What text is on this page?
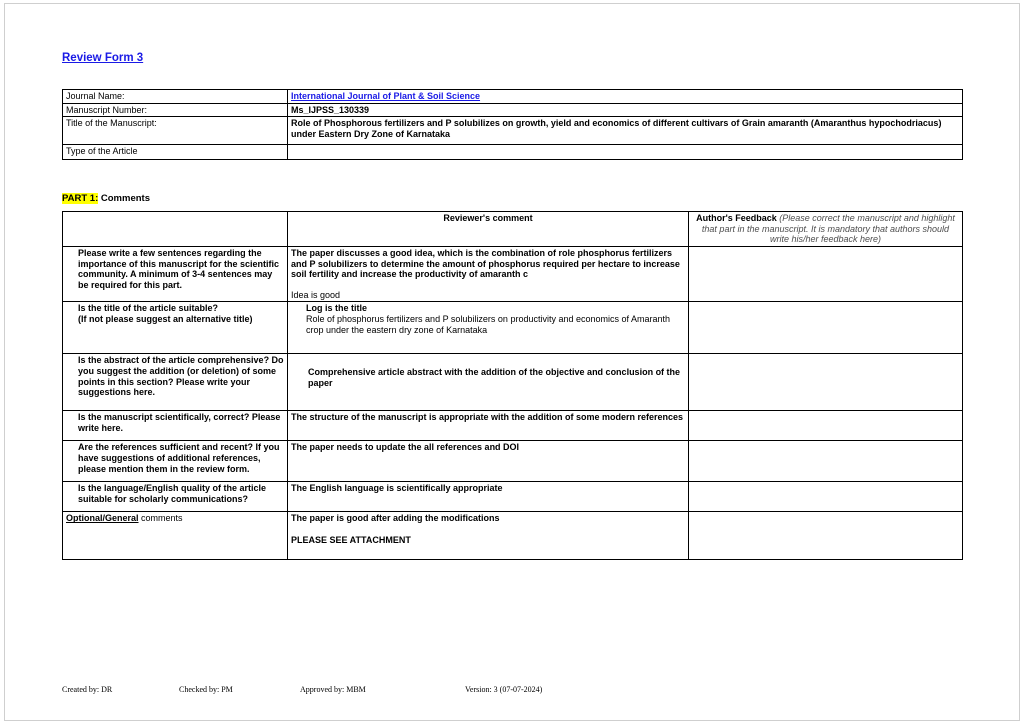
Review Form 3
Journal Name:	International Journal of Plant & Soil Science
Manuscript Number:	Ms_IJPSS_130339
Title of the Manuscript:	Role of Phosphorous fertilizers and P solubilizes on growth, yield and economics of different cultivars of Grain amaranth (Amaranthus hypochodriacus) under Eastern Dry Zone of Karnataka
Type of the Article	
PART 1: Comments
	Reviewer's comment	Author's Feedback (Please correct the manuscript and highlight that part in the manuscript. It is mandatory that authors should write his/her feedback here)
Please write a few sentences regarding the importance of this manuscript for the scientific community. A minimum of 3-4 sentences may be required for this part.	The paper discusses a good idea, which is the combination of role phosphorus fertilizers and P solubilizers to determine the amount of phosphorus required per hectare to increase soil fertility and increase the productivity of amaranth c
Idea is good	

Is the title of the article suitable?
(If not please suggest an alternative title)

Log is the title
Role of phosphorus fertilizers and P solubilizers on productivity and economics of Amaranth crop under the eastern dry zone of Karnataka

Is the abstract of the article comprehensive? Do you suggest the addition (or deletion) of some points in this section? Please write your suggestions here.	Comprehensive article abstract with the addition of the objective and conclusion of the paper	
Is the manuscript scientifically, correct? Please write here.	The structure of the manuscript is appropriate with the addition of some modern references	
Are the references sufficient and recent? If you have suggestions of additional references, please mention them in the review form.	The paper needs to update the all references and DOI	
Is the language/English quality of the article suitable for scholarly communications?	The English language is scientifically appropriate	
Optional/General comments	The paper is good after adding the modifications
PLEASE SEE ATTACHMENT	

Created by: DR	Checked by: PM	Approved by: MBM	Version: 3 (07-07-2024)
